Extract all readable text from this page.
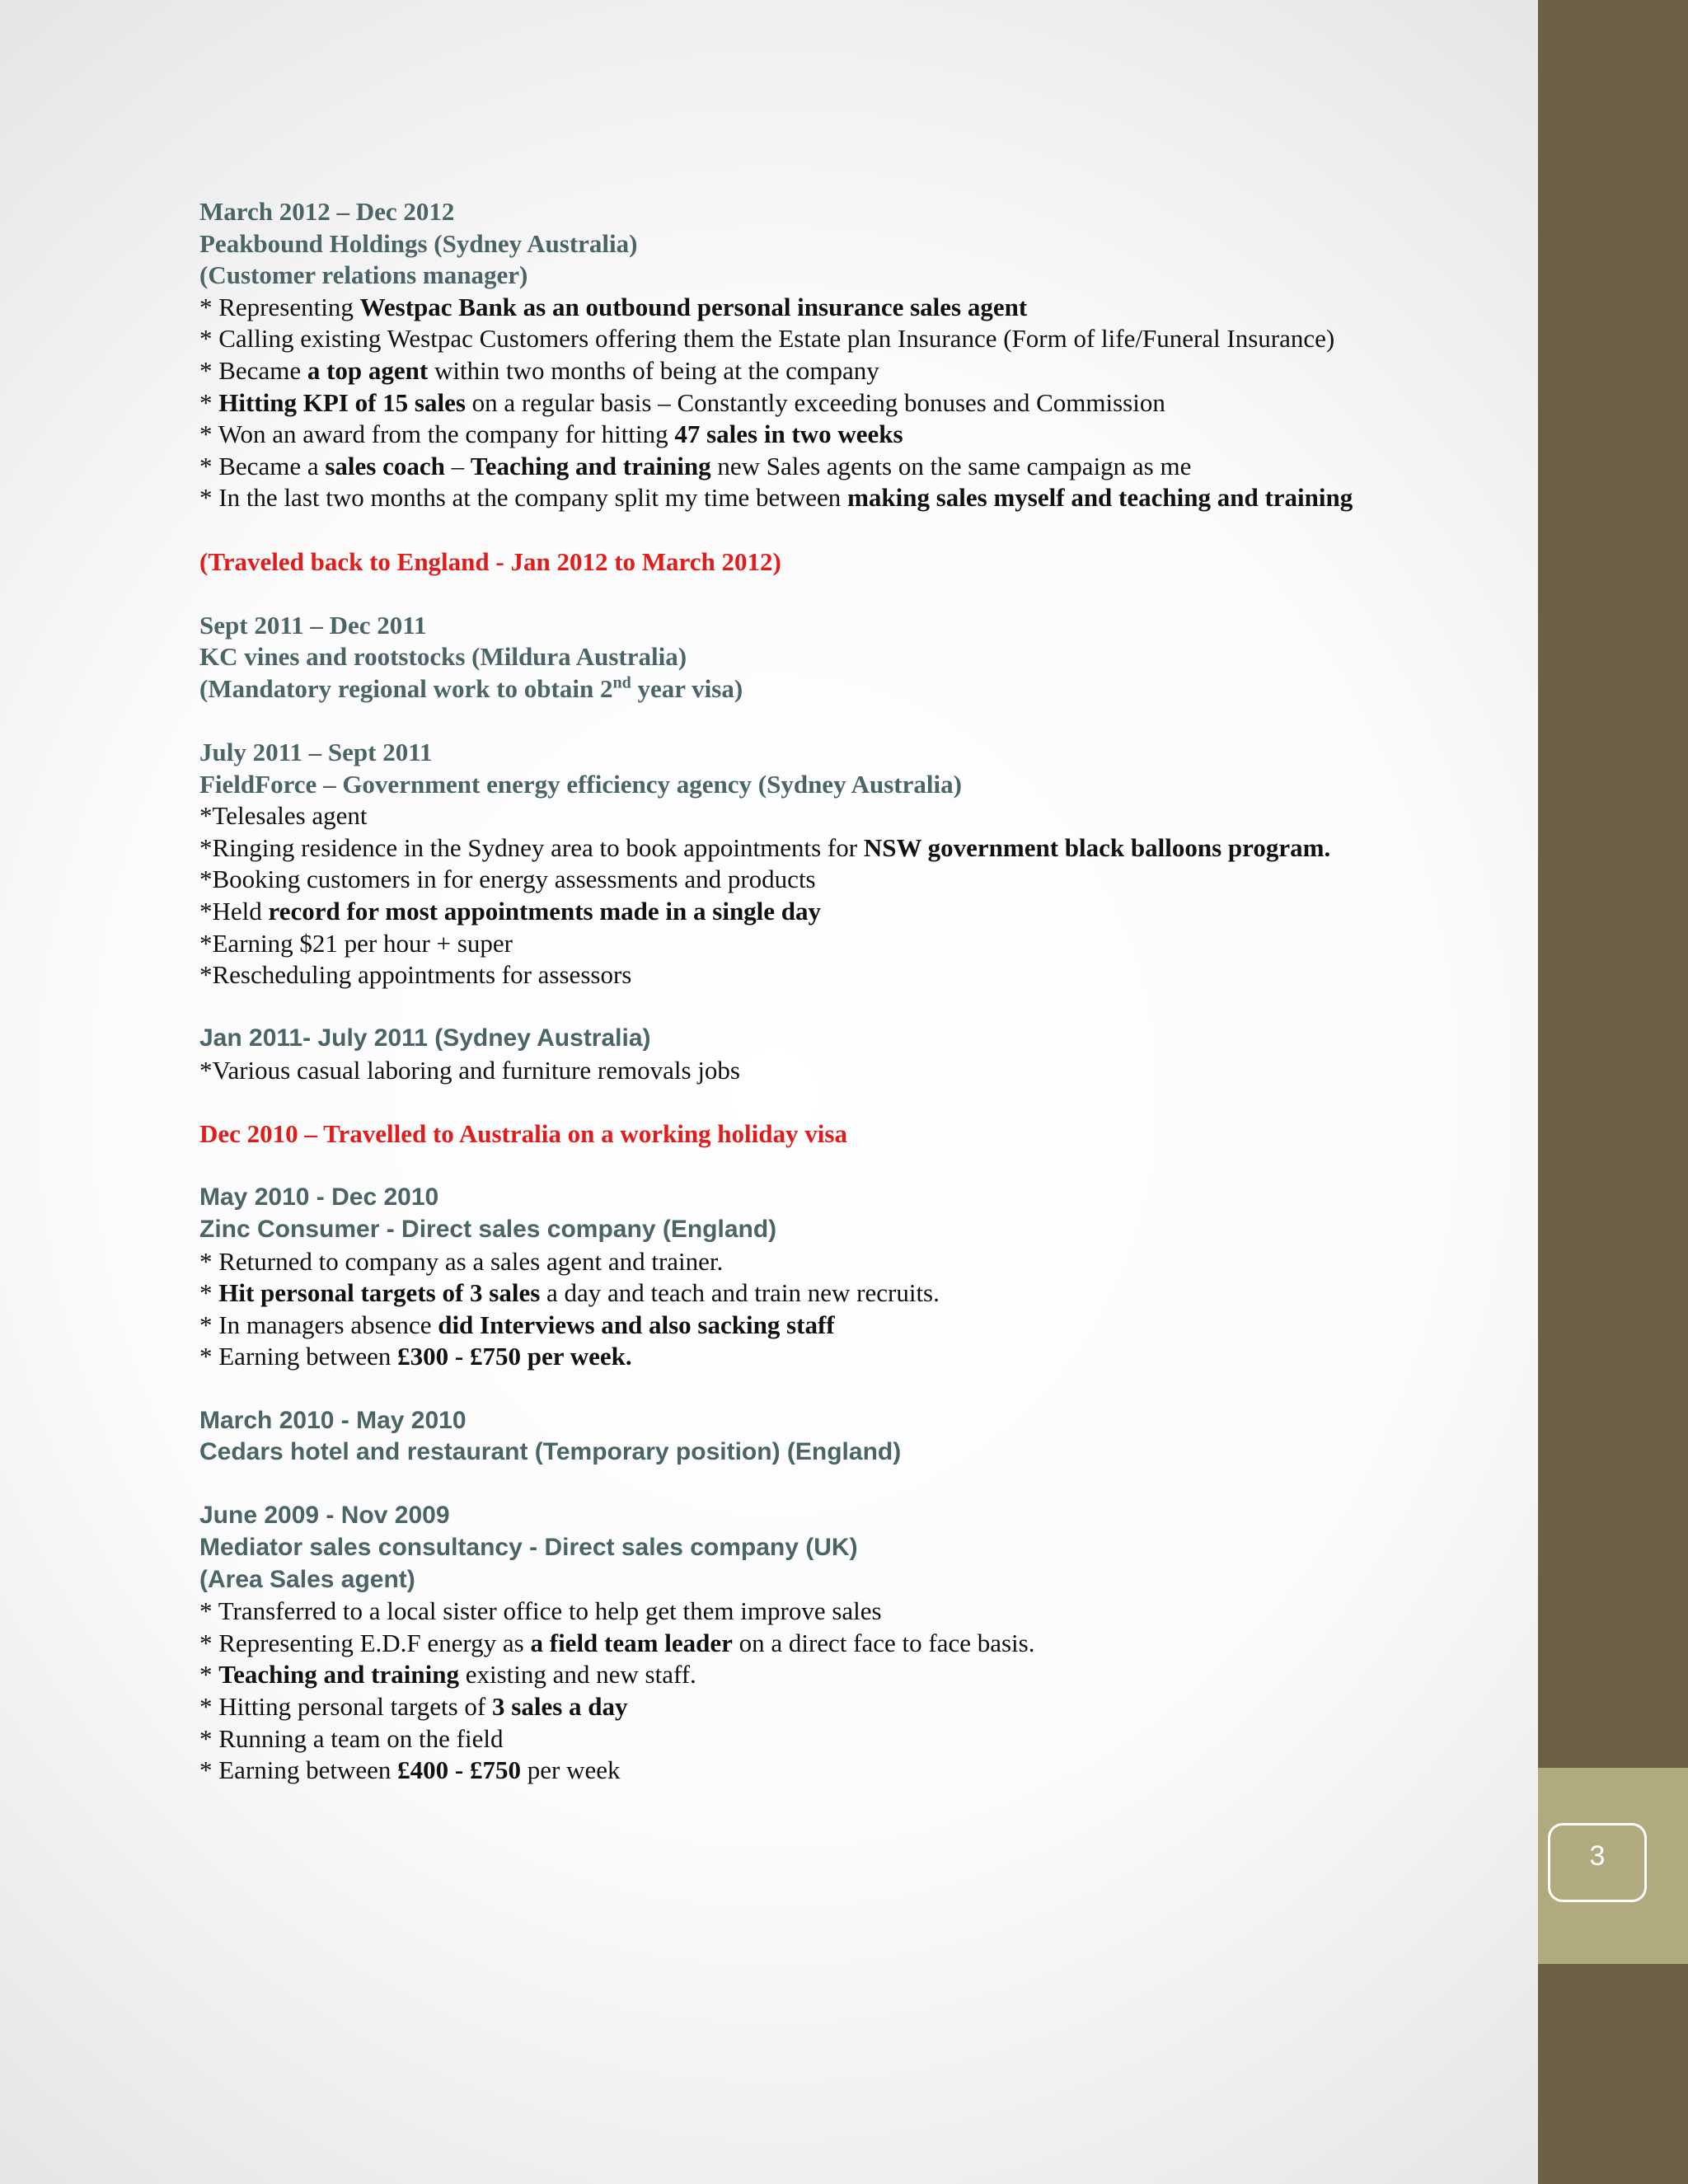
3
March 2012 – Dec 2012
Peakbound Holdings (Sydney Australia)
(Customer relations manager)
* Representing Westpac Bank as an outbound personal insurance sales agent
* Calling existing Westpac Customers offering them the Estate plan Insurance (Form of life/Funeral Insurance)
* Became a top agent within two months of being at the company
* Hitting KPI of 15 sales on a regular basis – Constantly exceeding bonuses and Commission
* Won an award from the company for hitting 47 sales in two weeks
* Became a sales coach – Teaching and training new Sales agents on the same campaign as me
* In the last two months at the company split my time between making sales myself and teaching and training
(Traveled back to England - Jan 2012 to March 2012)
Sept 2011 – Dec 2011
KC vines and rootstocks (Mildura Australia)
(Mandatory regional work to obtain 2nd year visa)
July 2011 – Sept 2011
FieldForce – Government energy efficiency agency (Sydney Australia)
*Telesales agent
*Ringing residence in the Sydney area to book appointments for NSW government black balloons program.
*Booking customers in for energy assessments and products
*Held record for most appointments made in a single day
*Earning $21 per hour + super
*Rescheduling appointments for assessors
Jan 2011- July 2011 (Sydney Australia)
*Various casual laboring and furniture removals jobs
Dec 2010 – Travelled to Australia on a working holiday visa
May 2010 - Dec 2010
Zinc Consumer - Direct sales company (England)
* Returned to company as a sales agent and trainer.
* Hit personal targets of 3 sales a day and teach and train new recruits.
* In managers absence did Interviews and also sacking staff
* Earning between £300 - £750 per week.
March 2010 - May 2010
Cedars hotel and restaurant (Temporary position) (England)
June 2009 - Nov 2009
Mediator sales consultancy - Direct sales company (UK)
(Area Sales agent)
* Transferred to a local sister office to help get them improve sales
* Representing E.D.F energy as a field team leader on a direct face to face basis.
* Teaching and training existing and new staff.
* Hitting personal targets of 3 sales a day
* Running a team on the field
* Earning between £400 - £750 per week
